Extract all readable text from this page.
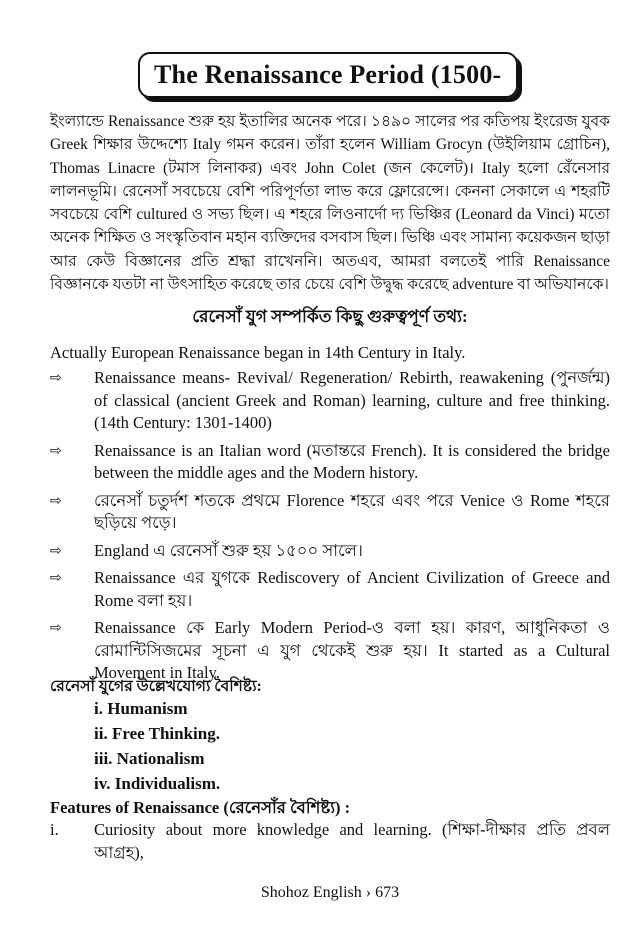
The Renaissance Period (1500-

ইংল্যান্ডে Renaissance শুরু হয় ইতালির অনেক পরে। ১৪৯০ সালের পর কতিপয় ইংরেজ যুবক Greek শিক্ষার উদ্দেশ্যে Italy গমন করেন। তাঁরা হলেন William Grocyn (উইলিয়াম গ্রোচিন), Thomas Linacre (টমাস লিনাকর) এবং John Colet (জন কেলেট)। Italy হলো রেঁনেসার লালনভূমি। রেনেসাঁ সবচেয়ে বেশি পরিপূর্ণতা লাভ করে ফ্লোরেন্সে। কেননা সেকালে এ শহরটি সবচেয়ে বেশি cultured ও সভ্য ছিল। এ শহরে লিওনার্দো দ্য ভিঞ্চির (Leonard da Vinci) মতো অনেক শিক্ষিত ও সংস্কৃতিবান মহান ব্যক্তিদের বসবাস ছিল। ভিঞ্চি এবং সামান্য কয়েকজন ছাড়া আর কেউ বিজ্ঞানের প্রতি শ্রদ্ধা রাখেননি। অতএব, আমরা বলতেই পারি Renaissance বিজ্ঞানকে যতটা না উৎসাহিত করেছে তার চেয়ে বেশি উদ্বুদ্ধ করেছে adventure বা অভিযানকে।

রেনেসাঁ যুগ সম্পর্কিত কিছু গুরুত্বপূর্ণ তথ্য:
Actually European Renaissance began in 14th Century in Italy.
⇨	Renaissance means- Revival/ Regeneration/ Rebirth, reawakening (পুনর্জন্ম) of classical (ancient Greek and Roman) learning, culture and free thinking. (14th Century: 1301-1400)
⇨	Renaissance is an Italian word (মতান্তরে French). It is considered the bridge between the middle ages and the Modern history.
⇨	রেনেসাঁ চতুর্দশ শতকে প্রথমে Florence শহরে এবং পরে Venice ও Rome শহরে ছড়িয়ে পড়ে।
⇨	England এ রেনেসাঁ শুরু হয় ১৫০০ সালে।
⇨	Renaissance এর যুগকে Rediscovery of Ancient Civilization of Greece and Rome বলা হয়।
⇨	Renaissance কে Early Modern Period-ও বলা হয়। কারণ, আধুনিকতা ও রোমান্টিসিজমের সূচনা এ যুগ থেকেই শুরু হয়। It started as a Cultural Movement in Italy.
রেনেসাঁ যুগের উল্লেখযোগ্য বৈশিষ্ট্য:
i. Humanism
ii. Free Thinking.
iii. Nationalism
iv. Individualism.
Features of Renaissance (রেনেসাঁর বৈশিষ্ট্য) :
i. Curiosity about more knowledge and learning. (শিক্ষা-দীক্ষার প্রতি প্রবল আগ্রহ),
Shohoz English › 673
